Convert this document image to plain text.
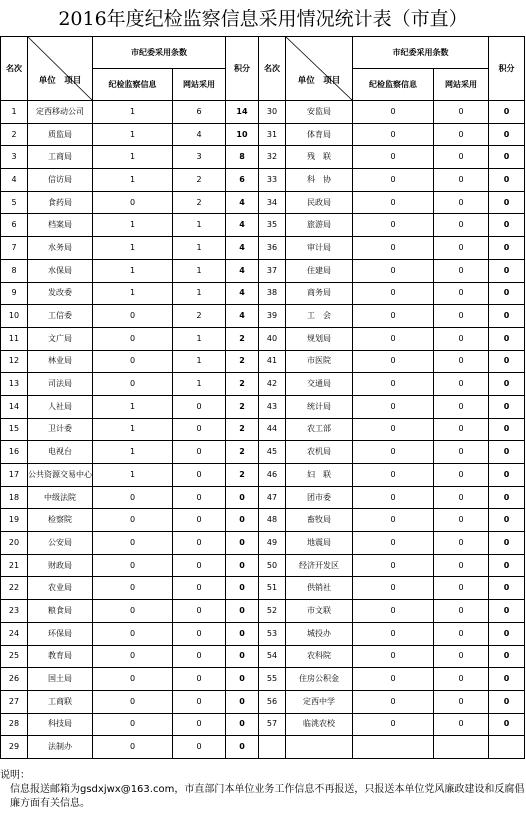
2016年度纪检监察信息采用情况统计表（市直）
名次	单位　项目	市纪委采用条数		积分	名次	单位　项目	市纪委采用条数		积分
		纪检监察信息	网站采用				纪检监察信息	网站采用	
1	定西移动公司	1	6	14	30	安监局	0	0	0
2	质监局	1	4	10	31	体育局	0	0	0
3	工商局	1	3	8	32	残　联	0	0	0
4	信访局	1	2	6	33	科　协	0	0	0
5	食药局	0	2	4	34	民政局	0	0	0
6	档案局	1	1	4	35	旅游局	0	0	0
7	水务局	1	1	4	36	审计局	0	0	0
8	水保局	1	1	4	37	住建局	0	0	0
9	发改委	1	1	4	38	商务局	0	0	0
10	工信委	0	2	4	39	工　会	0	0	0
11	文广局	0	1	2	40	规划局	0	0	0
12	林业局	0	1	2	41	市医院	0	0	0
13	司法局	0	1	2	42	交通局	0	0	0
14	人社局	1	0	2	43	统计局	0	0	0
15	卫计委	1	0	2	44	农工部	0	0	0
16	电视台	1	0	2	45	农机局	0	0	0
17	公共资源交易中心	1	0	2	46	妇　联	0	0	0
18	中级法院	0	0	0	47	团市委	0	0	0
19	检察院	0	0	0	48	畜牧局	0	0	0
20	公安局	0	0	0	49	地震局	0	0	0
21	财政局	0	0	0	50	经济开发区	0	0	0
22	农业局	0	0	0	51	供销社	0	0	0
23	粮食局	0	0	0	52	市文联	0	0	0
24	环保局	0	0	0	53	城投办	0	0	0
25	教育局	0	0	0	54	农科院	0	0	0
26	国土局	0	0	0	55	住房公积金	0	0	0
27	工商联	0	0	0	56	定西中学	0	0	0
28	科技局	0	0	0	57	临洮农校	0	0	0
29	法制办	0	0	0					
说明：
信息报送邮箱为gsdxjwx@163.com，市直部门本单位业务工作信息不再报送，只报送本单位党风廉政建设和反腐倡廉方面有关信息。
